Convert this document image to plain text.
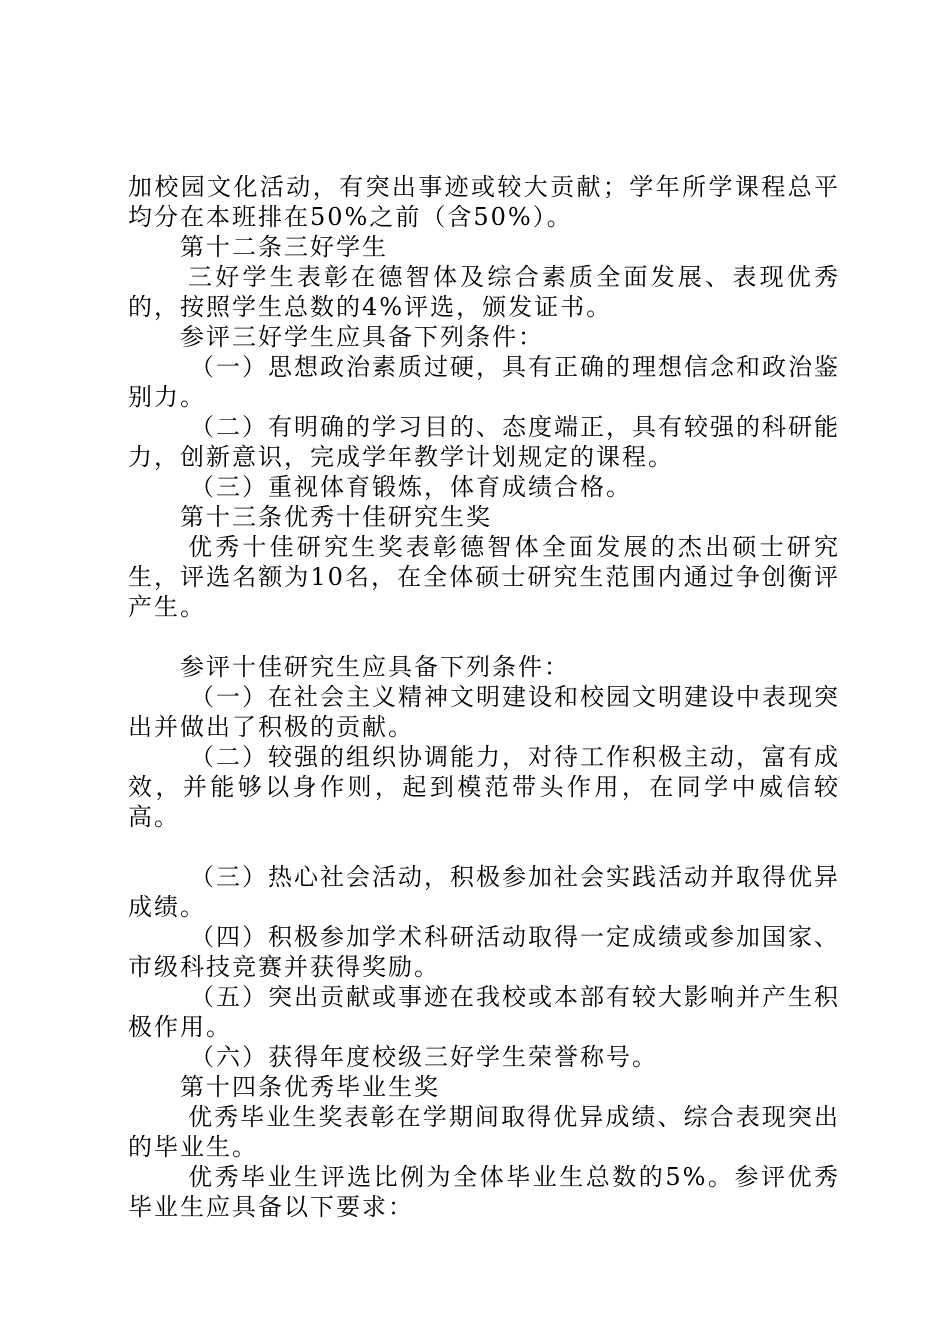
加校园文化活动，有突出事迹或较大贡献；学年所学课程总平均分在本班排在50%之前（含50%）。

第十二条三好学生

三好学生表彰在德智体及综合素质全面发展、表现优秀的，按照学生总数的4%评选，颁发证书。

参评三好学生应具备下列条件：

（一）思想政治素质过硬，具有正确的理想信念和政治鉴别力。

（二）有明确的学习目的、态度端正，具有较强的科研能力，创新意识，完成学年教学计划规定的课程。

（三）重视体育锻炼，体育成绩合格。

第十三条优秀十佳研究生奖

优秀十佳研究生奖表彰德智体全面发展的杰出硕士研究生，评选名额为10名，在全体硕士研究生范围内通过争创衡评产生。

参评十佳研究生应具备下列条件：

（一）在社会主义精神文明建设和校园文明建设中表现突出并做出了积极的贡献。

（二）较强的组织协调能力，对待工作积极主动，富有成效，并能够以身作则，起到模范带头作用，在同学中威信较高。

（三）热心社会活动，积极参加社会实践活动并取得优异成绩。

（四）积极参加学术科研活动取得一定成绩或参加国家、市级科技竞赛并获得奖励。

（五）突出贡献或事迹在我校或本部有较大影响并产生积极作用。

（六）获得年度校级三好学生荣誉称号。

第十四条优秀毕业生奖

优秀毕业生奖表彰在学期间取得优异成绩、综合表现突出的毕业生。

优秀毕业生评选比例为全体毕业生总数的5%。参评优秀毕业生应具备以下要求：
